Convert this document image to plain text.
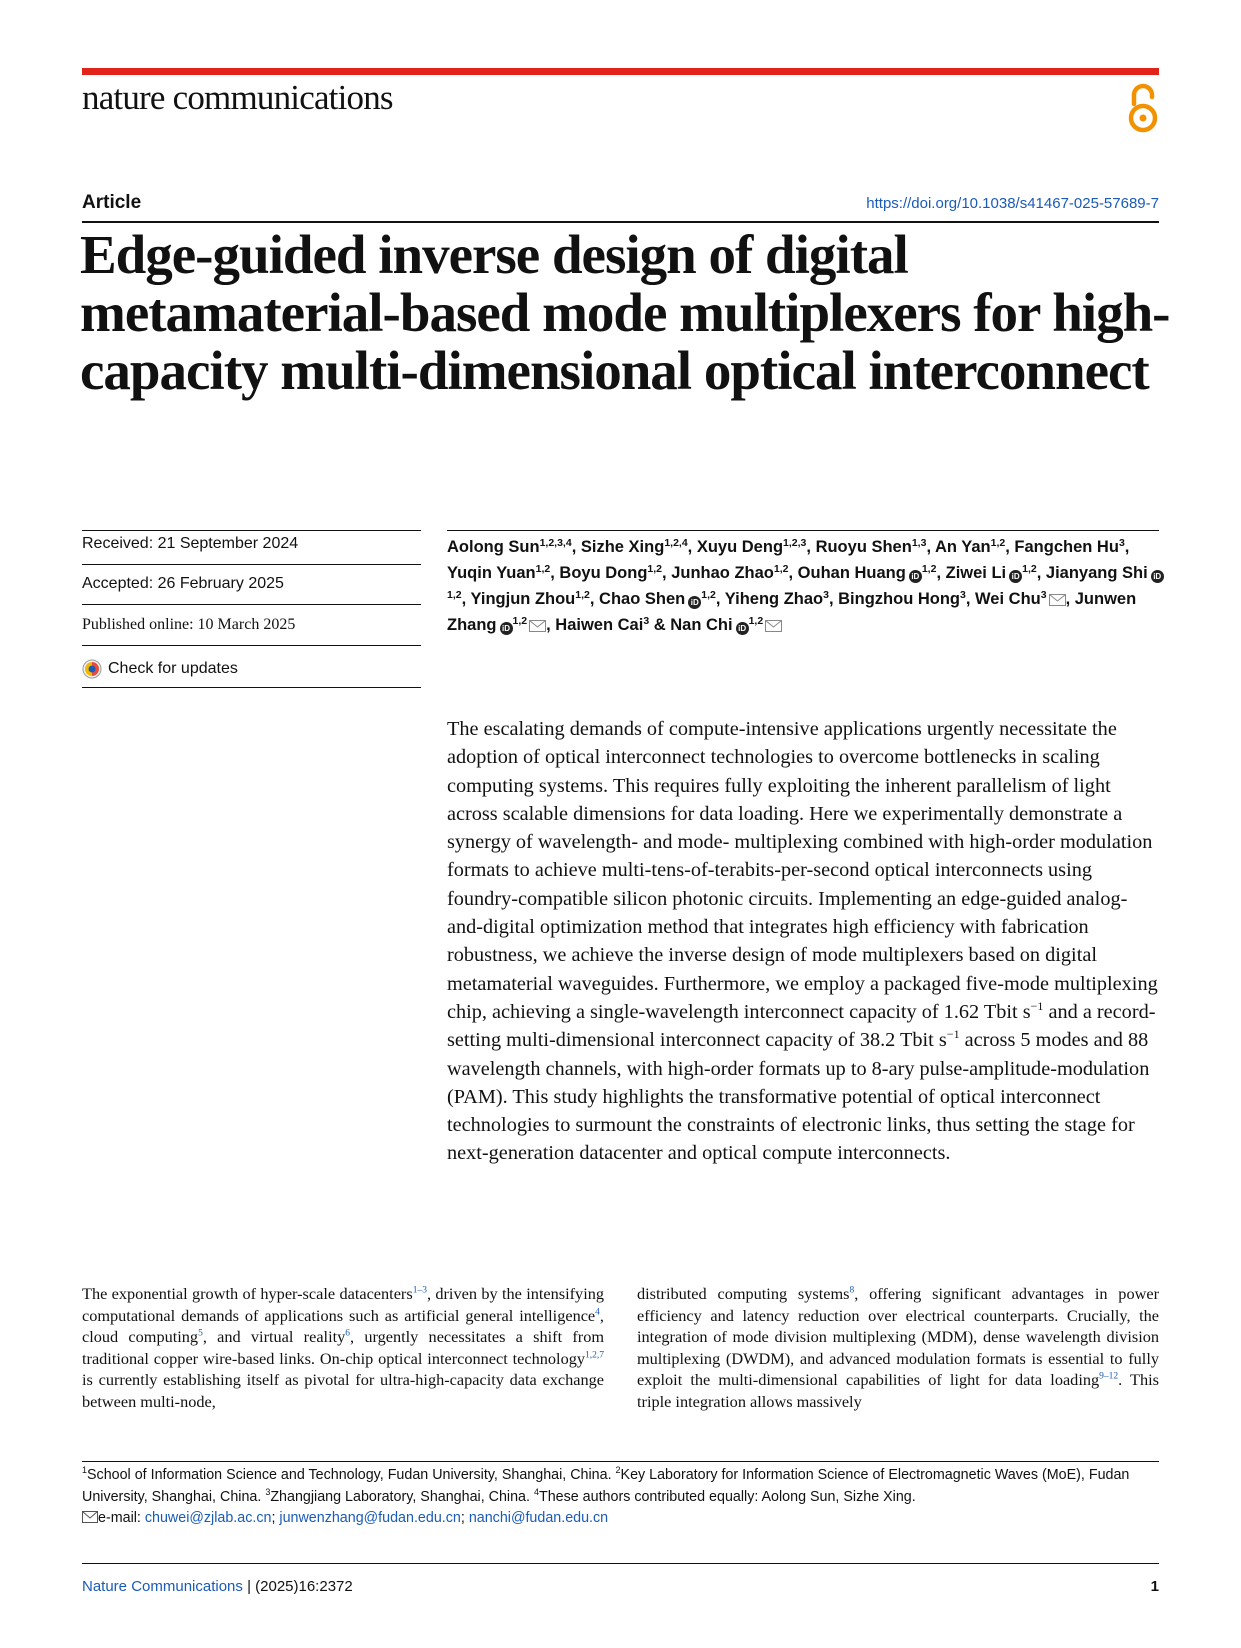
nature communications
Article	https://doi.org/10.1038/s41467-025-57689-7
Edge-guided inverse design of digital metamaterial-based mode multiplexers for high-capacity multi-dimensional optical interconnect
Received: 21 September 2024
Accepted: 26 February 2025
Published online: 10 March 2025
Check for updates
Aolong Sun$^{1,2,3,4}$, Sizhe Xing$^{1,2,4}$, Xuyu Deng$^{1,2,3}$, Ruoyu Shen$^{1,3}$, An Yan$^{1,2}$, Fangchen Hu$^3$, Yuqin Yuan$^{1,2}$, Boyu Dong$^{1,2}$, Junhao Zhao$^{1,2}$, Ouhan Huang iD$^{1,2}$, Ziwei Li iD$^{1,2}$, Jianyang Shi iD$^{1,2}$, Yingjun Zhou$^{1,2}$, Chao Shen iD$^{1,2}$, Yiheng Zhao$^3$, Bingzhou Hong$^3$, Wei Chu$^3$ , Junwen Zhang iD$^{1,2}$ , Haiwen Cai$^3$ & Nan Chi iD$^{1,2}$

The escalating demands of compute-intensive applications urgently necessitate the adoption of optical interconnect technologies to overcome bottlenecks in scaling computing systems. This requires fully exploiting the inherent parallelism of light across scalable dimensions for data loading. Here we experimentally demonstrate a synergy of wavelength- and mode- multiplexing combined with high-order modulation formats to achieve multi-tens-of-terabits-per-second optical interconnects using foundry-compatible silicon photonic circuits. Implementing an edge-guided analog-and-digital optimization method that integrates high efficiency with fabrication robustness, we achieve the inverse design of mode multiplexers based on digital metamaterial waveguides. Furthermore, we employ a packaged five-mode multiplexing chip, achieving a single-wavelength interconnect capacity of 1.62 Tbit $s^{-1}$ and a record-setting multi-dimensional interconnect capacity of 38.2 Tbit $s^{-1}$ across 5 modes and 88 wavelength channels, with high-order formats up to 8-ary pulse-amplitude-modulation (PAM). This study highlights the transformative potential of optical interconnect technologies to surmount the constraints of electronic links, thus setting the stage for next-generation datacenter and optical compute interconnects.

The exponential growth of hyper-scale datacenters$^{1-3}$, driven by the intensifying computational demands of applications such as artificial general intelligence$^4$, cloud computing$^5$, and virtual reality$^6$, urgently necessitates a shift from traditional copper wire-based links. On-chip optical interconnect technology$^{1,2,7}$ is currently establishing itself as pivotal for ultra-high-capacity data exchange between multi-node,

distributed computing systems$^8$, offering significant advantages in power efficiency and latency reduction over electrical counterparts. Crucially, the integration of mode division multiplexing (MDM), dense wavelength division multiplexing (DWDM), and advanced modulation formats is essential to fully exploit the multi-dimensional capabilities of light for data loading$^{9-12}$. This triple integration allows massively

$^1$School of Information Science and Technology, Fudan University, Shanghai, China. $^2$Key Laboratory for Information Science of Electromagnetic Waves (MoE), Fudan University, Shanghai, China. $^3$Zhangjiang Laboratory, Shanghai, China. $^4$These authors contributed equally: Aolong Sun, Sizhe Xing.
e-mail: chuwei@zjlab.ac.cn; junwenzhang@fudan.edu.cn; nanchi@fudan.edu.cn

Nature Communications | (2025)16:2372	1
